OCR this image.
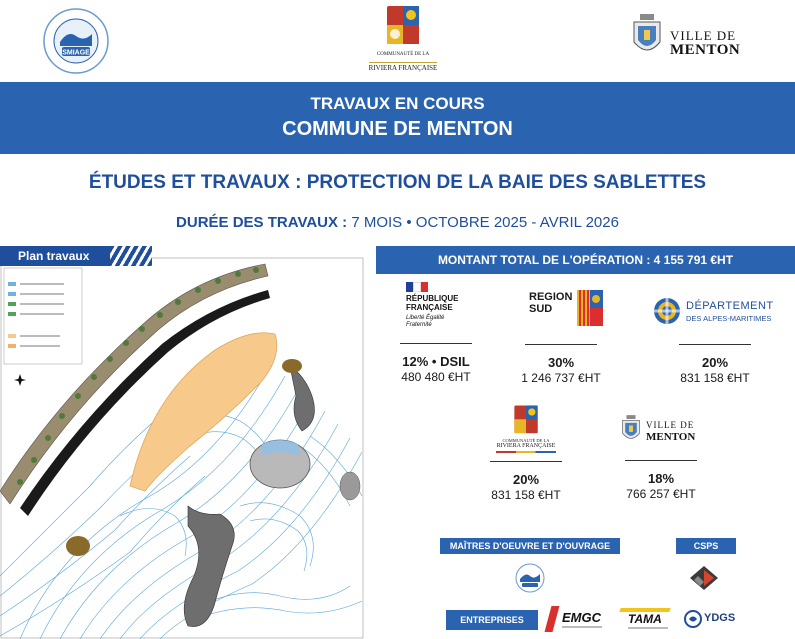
SMIAGE	COMMUNAUTÉ DE LA
RIVIERA FRANÇAISE
VILLE DE
MENTON
TRAVAUX EN COURS
COMMUNE DE MENTON
ÉTUDES ET TRAVAUX : PROTECTION DE LA BAIE DES SABLETTES
DURÉE DES TRAVAUX : 7 MOIS • OCTOBRE 2025 - AVRIL 2026
Plan travaux	MONTANT TOTAL DE L'OPÉRATION : 4 155 791 €HT
RÉPUBLIQUE
FRANÇAISE
Liberté Égalité Fraternité
12% • DSIL
480 480 €HT
REGION
SUD
30%
1 246 737 €HT
DÉPARTEMENT
DES ALPES-MARITIMES
20%
831 158 €HT
COMMUNAUTÉ DE LA
RIVIERA FRANÇAISE
20%
831 158 €HT
VILLE DE
MENTON
18%
766 257 €HT
MAÎTRES D'OEUVRE ET D'OUVRAGE	CSPS
ENTREPRISES	EMGC TAMA	YDGS
